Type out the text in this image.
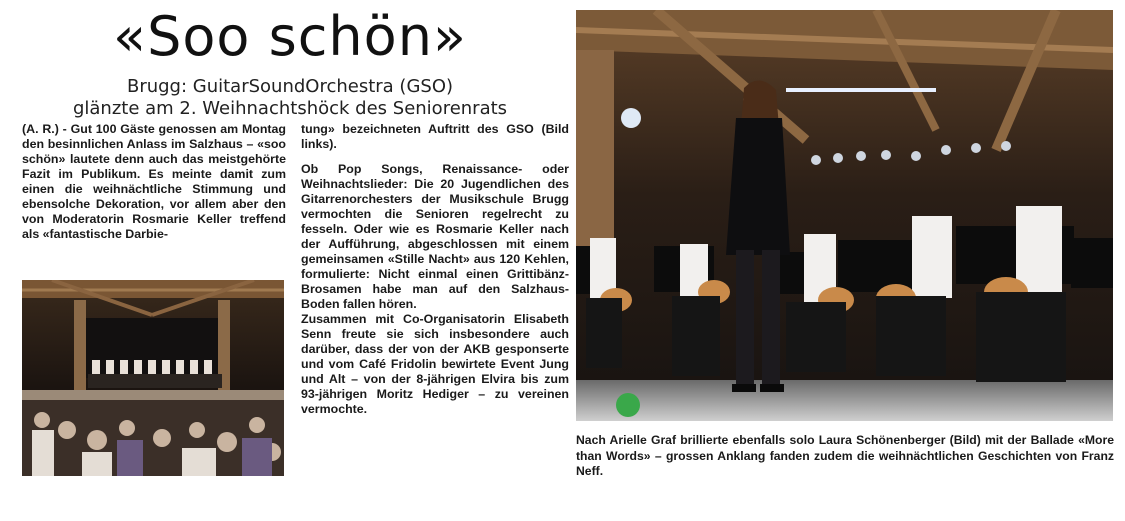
«Soo schön»
Brugg: GuitarSoundOrchestra (GSO)
glänzte am 2. Weihnachtshöck des Seniorenrats
(A. R.) - Gut 100 Gäste genossen am Montag den besinnlichen Anlass im Salzhaus – «soo schön» lautete denn auch das meistgehörte Fazit im Publikum. Es meinte damit zum einen die weihnächtliche Stimmung und ebensolche Dekoration, vor allem aber den von Moderatorin Rosmarie Keller treffend als «fantastische Darbie-

tung» bezeichneten Auftritt des GSO (Bild links).

Ob Pop Songs, Renaissance- oder Weihnachtslieder: Die 20 Jugendlichen des Gitarrenorchesters der Musikschule Brugg vermochten die Senioren regelrecht zu fesseln. Oder wie es Rosmarie Keller nach der Aufführung, abgeschlossen mit einem gemeinsamen «Stille Nacht» aus 120 Kehlen, formulierte: Nicht einmal einen Grittibänz-Brosamen habe man auf den Salzhaus-Boden fallen hören.

Zusammen mit Co-Organisatorin Elisabeth Senn freute sie sich insbesondere auch darüber, dass der von der AKB gesponserte und vom Café Fridolin bewirtete Event Jung und Alt – von der 8-jährigen Elvira bis zum 93-jährigen Moritz Hediger – zu vereinen vermochte.

Nach Arielle Graf brillierte ebenfalls solo Laura Schönenberger (Bild) mit der Ballade «More than Words» – grossen Anklang fanden zudem die weihnächtlichen Geschichten von Franz Neff.
